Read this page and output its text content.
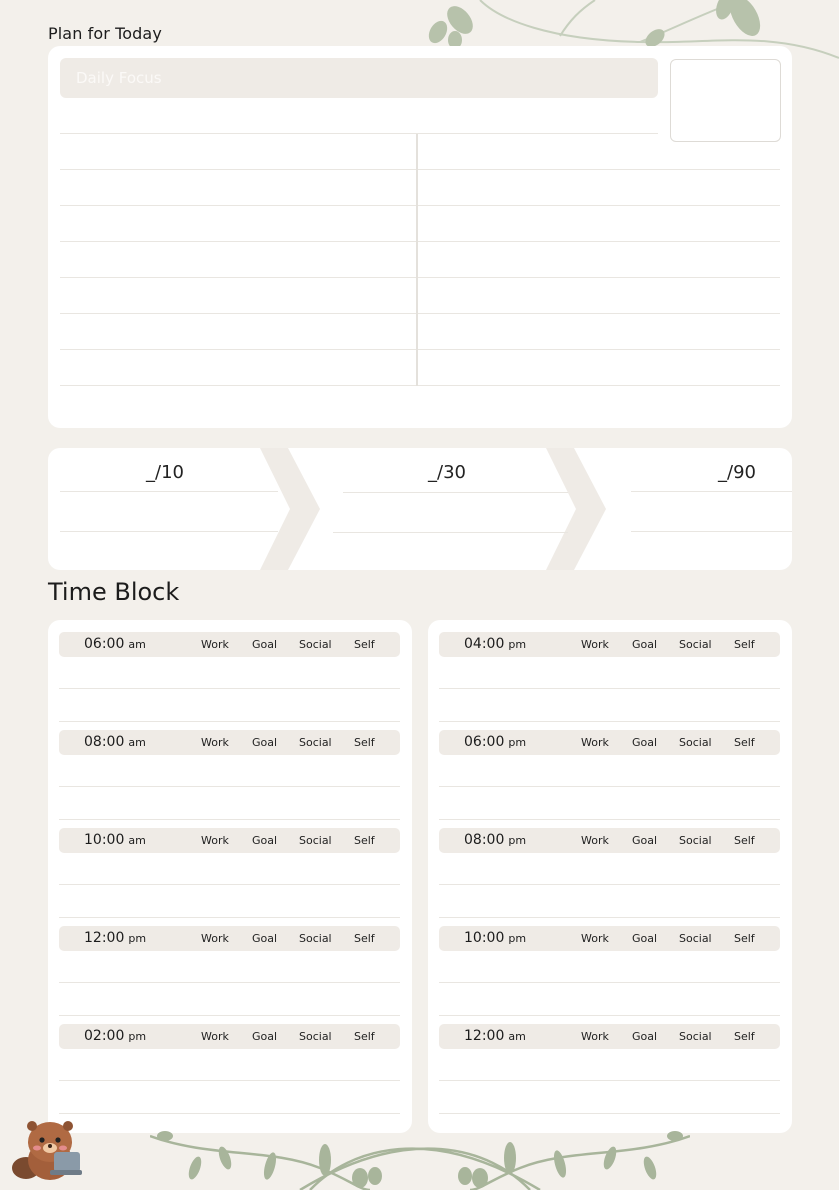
Plan for Today
Daily Focus
_/10	_/30	_/90
Time Block
06:00 am	Work Goal Social Self
08:00 am	Work Goal Social Self
10:00 am	Work Goal Social Self
12:00 pm	Work Goal Social Self
02:00 pm	Work Goal Social Self
04:00 pm	Work Goal Social Self
06:00 pm	Work Goal Social Self
08:00 pm	Work Goal Social Self
10:00 pm	Work Goal Social Self
12:00 am	Work Goal Social Self
